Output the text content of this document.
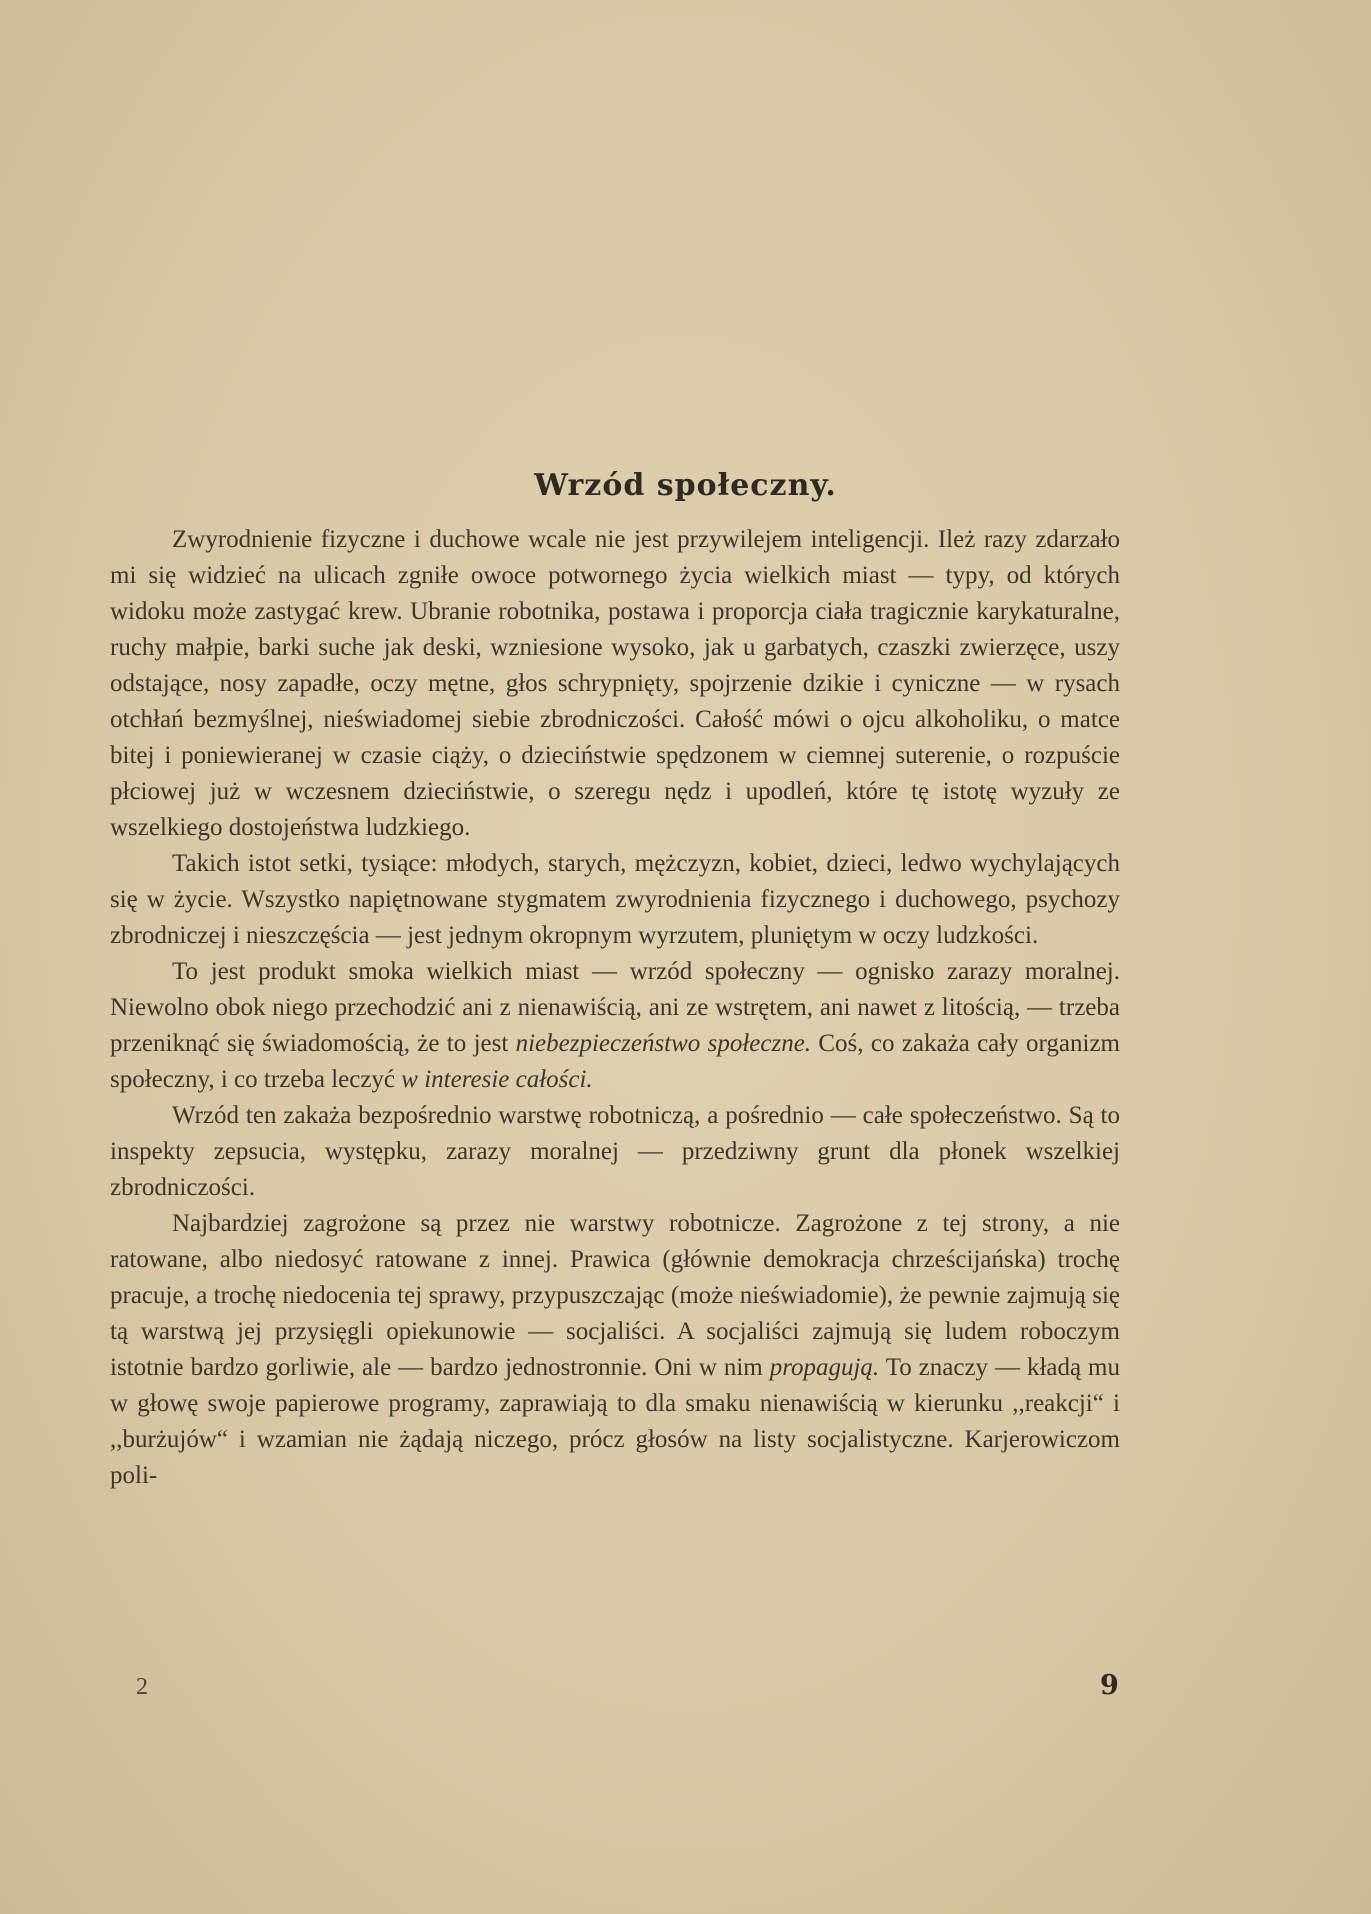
Wrzód społeczny.

Zwyrodnienie fizyczne i duchowe wcale nie jest przywilejem inteligencji. Ileż razy zdarzało mi się widzieć na ulicach zgniłe owoce potwornego życia wielkich miast — typy, od których widoku może zastygać krew. Ubranie robotnika, postawa i proporcja ciała tragicznie karykaturalne, ruchy małpie, barki suche jak deski, wzniesione wysoko, jak u garbatych, czaszki zwierzęce, uszy odstające, nosy zapadłe, oczy mętne, głos schrypnięty, spojrzenie dzikie i cyniczne — w rysach otchłań bezmyślnej, nieświadomej siebie zbrodniczości. Całość mówi o ojcu alkoholiku, o matce bitej i poniewieranej w czasie ciąży, o dzieciństwie spędzonem w ciemnej suterenie, o rozpuście płciowej już w wczesnem dzieciństwie, o szeregu nędz i upodleń, które tę istotę wyzuły ze wszelkiego dostojeństwa ludzkiego.

Takich istot setki, tysiące: młodych, starych, mężczyzn, kobiet, dzieci, ledwo wychylających się w życie. Wszystko napiętnowane stygmatem zwyrodnienia fizycznego i duchowego, psychozy zbrodniczej i nieszczęścia — jest jednym okropnym wyrzutem, pluniętym w oczy ludzkości.

To jest produkt smoka wielkich miast — wrzód społeczny — ognisko zarazy moralnej. Niewolno obok niego przechodzić ani z nienawiścią, ani ze wstrętem, ani nawet z litością, — trzeba przeniknąć się świadomością, że to jest niebezpieczeństwo społeczne. Coś, co zakaża cały organizm społeczny, i co trzeba leczyć w interesie całości.

Wrzód ten zakaża bezpośrednio warstwę robotniczą, a pośrednio — całe społeczeństwo. Są to inspekty zepsucia, występku, zarazy moralnej — przedziwny grunt dla płonek wszelkiej zbrodniczości.

Najbardziej zagrożone są przez nie warstwy robotnicze. Zagrożone z tej strony, a nie ratowane, albo niedosyć ratowane z innej. Prawica (głównie demokracja chrześcijańska) trochę pracuje, a trochę niedocenia tej sprawy, przypuszczając (może nieświadomie), że pewnie zajmują się tą warstwą jej przysięgli opiekunowie — socjaliści. A socjaliści zajmują się ludem roboczym istotnie bardzo gorliwie, ale — bardzo jednostronnie. Oni w nim propagują. To znaczy — kładą mu w głowę swoje papierowe programy, zaprawiają to dla smaku nienawiścią w kierunku ,,reakcji“ i ,,burżujów“ i wzamian nie żądają niczego, prócz głosów na listy socjalistyczne. Karjerowiczom poli-

2	9
